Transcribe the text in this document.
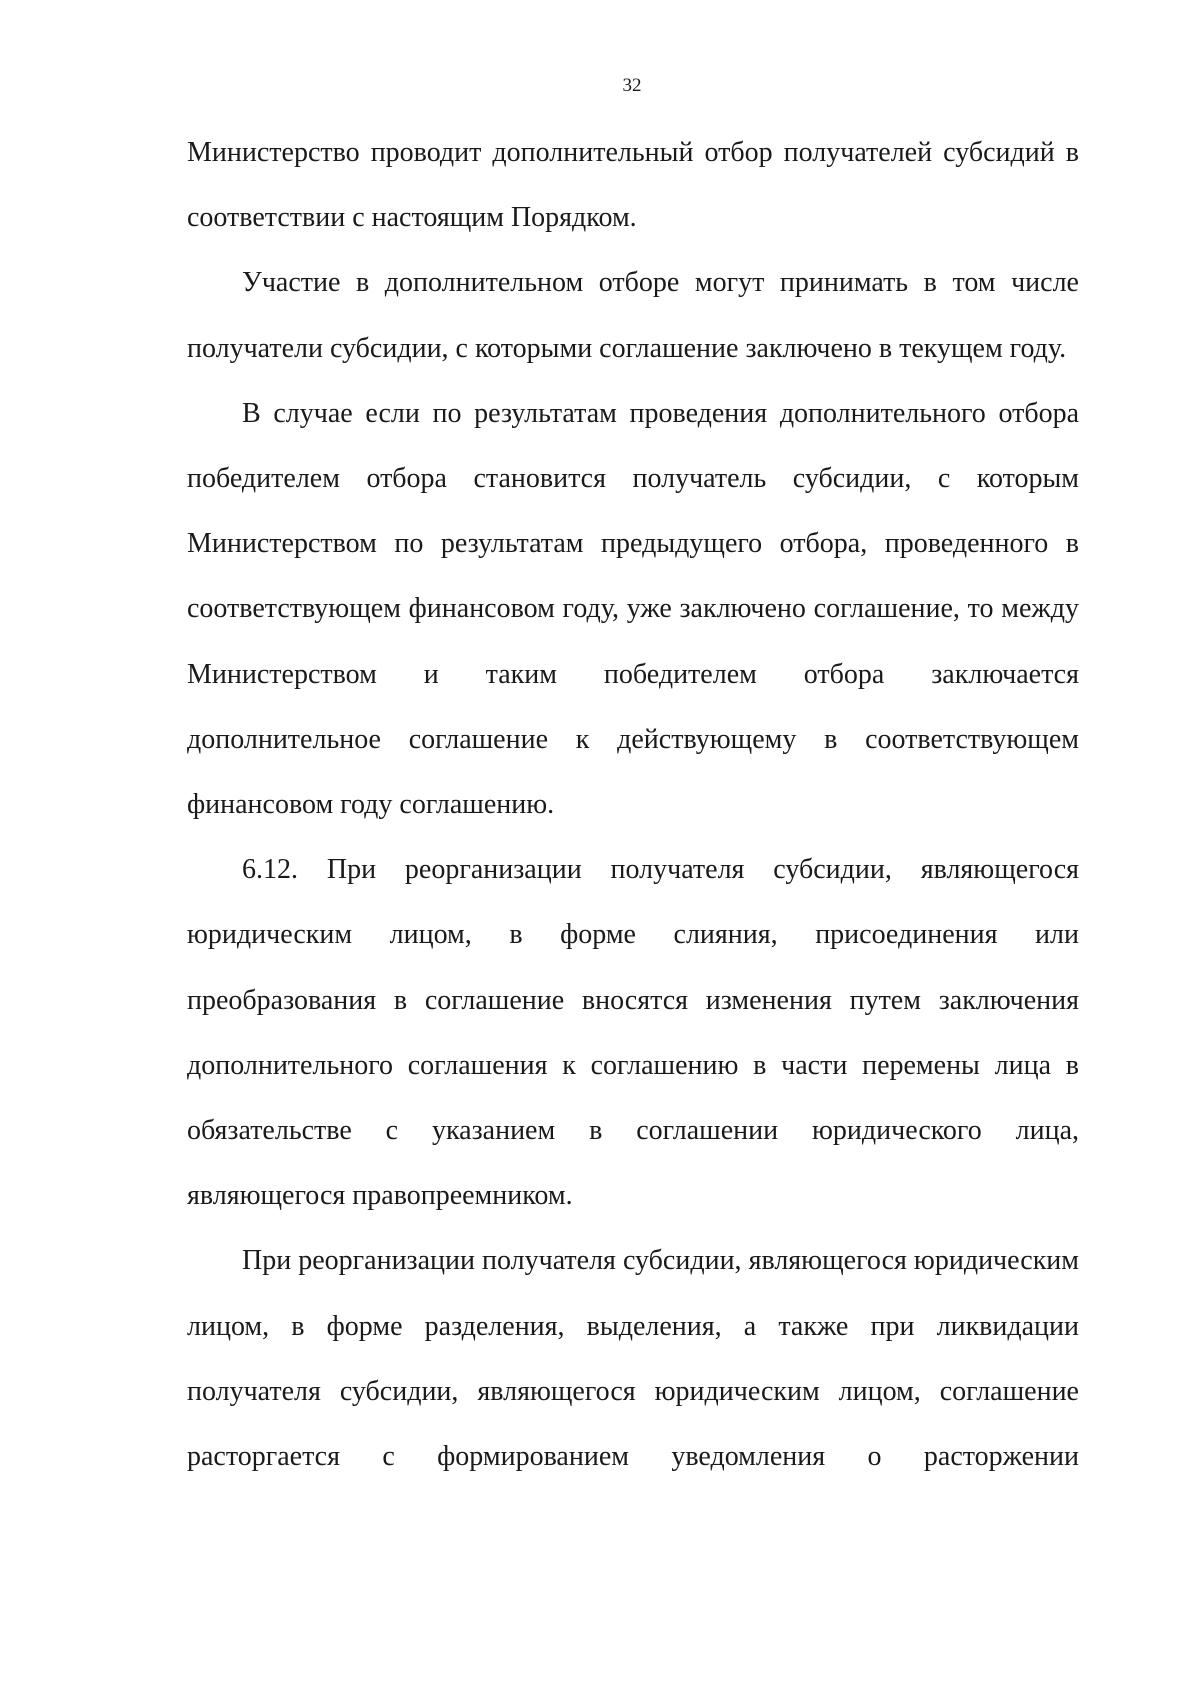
32

Министерство проводит дополнительный отбор получателей субсидий в соответствии с настоящим Порядком.

Участие в дополнительном отборе могут принимать в том числе получатели субсидии, с которыми соглашение заключено в текущем году.

В случае если по результатам проведения дополнительного отбора победителем отбора становится получатель субсидии, с которым Министерством по результатам предыдущего отбора, проведенного в соответствующем финансовом году, уже заключено соглашение, то между Министерством и таким победителем отбора заключается дополнительное соглашение к действующему в соответствующем финансовом году соглашению.

6.12. При реорганизации получателя субсидии, являющегося юридическим лицом, в форме слияния, присоединения или преобразования в соглашение вносятся изменения путем заключения дополнительного соглашения к соглашению в части перемены лица в обязательстве с указанием в соглашении юридического лица, являющегося правопреемником.

При реорганизации получателя субсидии, являющегося юридическим лицом, в форме разделения, выделения, а также при ликвидации получателя субсидии, являющегося юридическим лицом, соглашение расторгается с формированием уведомления о расторжении
